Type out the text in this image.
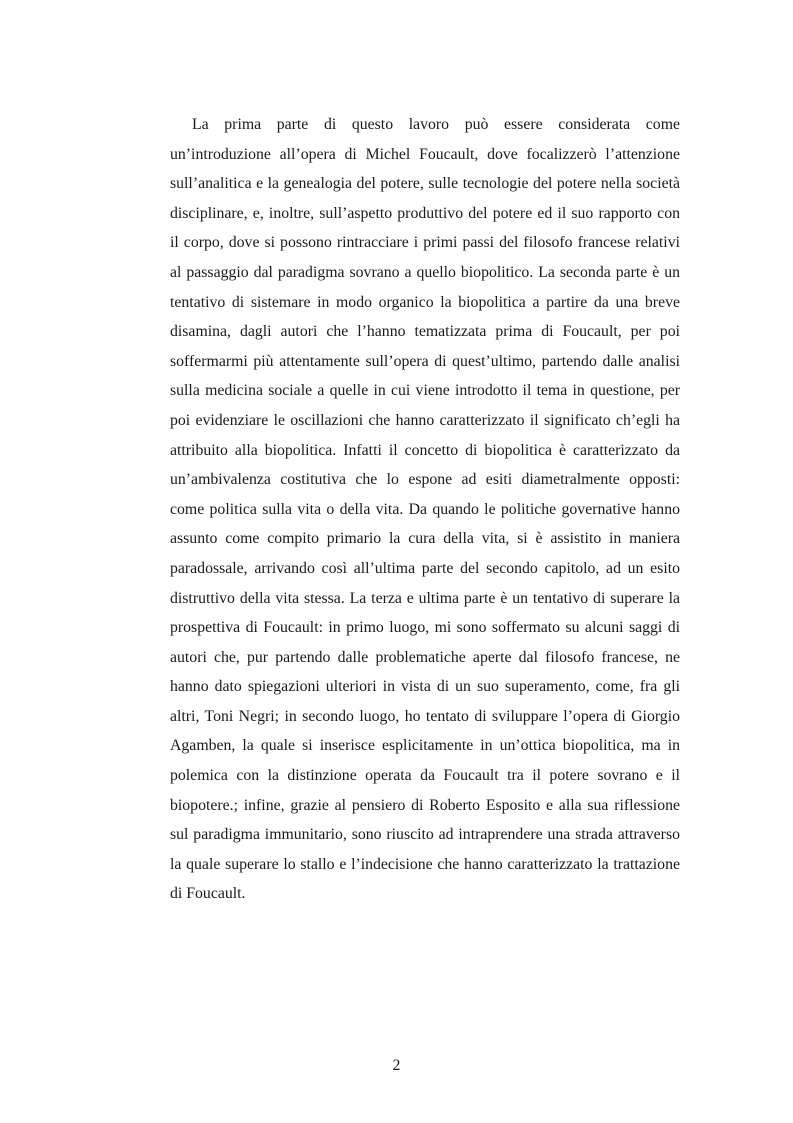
La prima parte di questo lavoro può essere considerata come
un’introduzione all’opera di Michel Foucault, dove focalizzerò l’attenzione
sull’analitica e la genealogia del potere, sulle tecnologie del potere nella società
disciplinare, e, inoltre, sull’aspetto produttivo del potere ed il suo rapporto con
il corpo, dove si possono rintracciare i primi passi del filosofo francese relativi
al passaggio dal paradigma sovrano a quello biopolitico. La seconda parte è un
tentativo di sistemare in modo organico la biopolitica a partire da una breve
disamina, dagli autori che l’hanno tematizzata prima di Foucault, per poi
soffermarmi più attentamente sull’opera di quest’ultimo, partendo dalle analisi
sulla medicina sociale a quelle in cui viene introdotto il tema in questione, per
poi evidenziare le oscillazioni che hanno caratterizzato il significato ch’egli ha
attribuito alla biopolitica. Infatti il concetto di biopolitica è caratterizzato da
un’ambivalenza costitutiva che lo espone ad esiti diametralmente opposti:
come politica sulla vita o della vita. Da quando le politiche governative hanno
assunto come compito primario la cura della vita, si è assistito in maniera
paradossale, arrivando così all’ultima parte del secondo capitolo, ad un esito
distruttivo della vita stessa. La terza e ultima parte è un tentativo di superare la
prospettiva di Foucault: in primo luogo, mi sono soffermato su alcuni saggi di
autori che, pur partendo dalle problematiche aperte dal filosofo francese, ne
hanno dato spiegazioni ulteriori in vista di un suo superamento, come, fra gli
altri, Toni Negri; in secondo luogo, ho tentato di sviluppare l’opera di Giorgio
Agamben, la quale si inserisce esplicitamente in un’ottica biopolitica, ma in
polemica con la distinzione operata da Foucault tra il potere sovrano e il
biopotere.; infine, grazie al pensiero di Roberto Esposito e alla sua riflessione
sul paradigma immunitario, sono riuscito ad intraprendere una strada attraverso
la quale superare lo stallo e l’indecisione che hanno caratterizzato la trattazione
di Foucault.
2
